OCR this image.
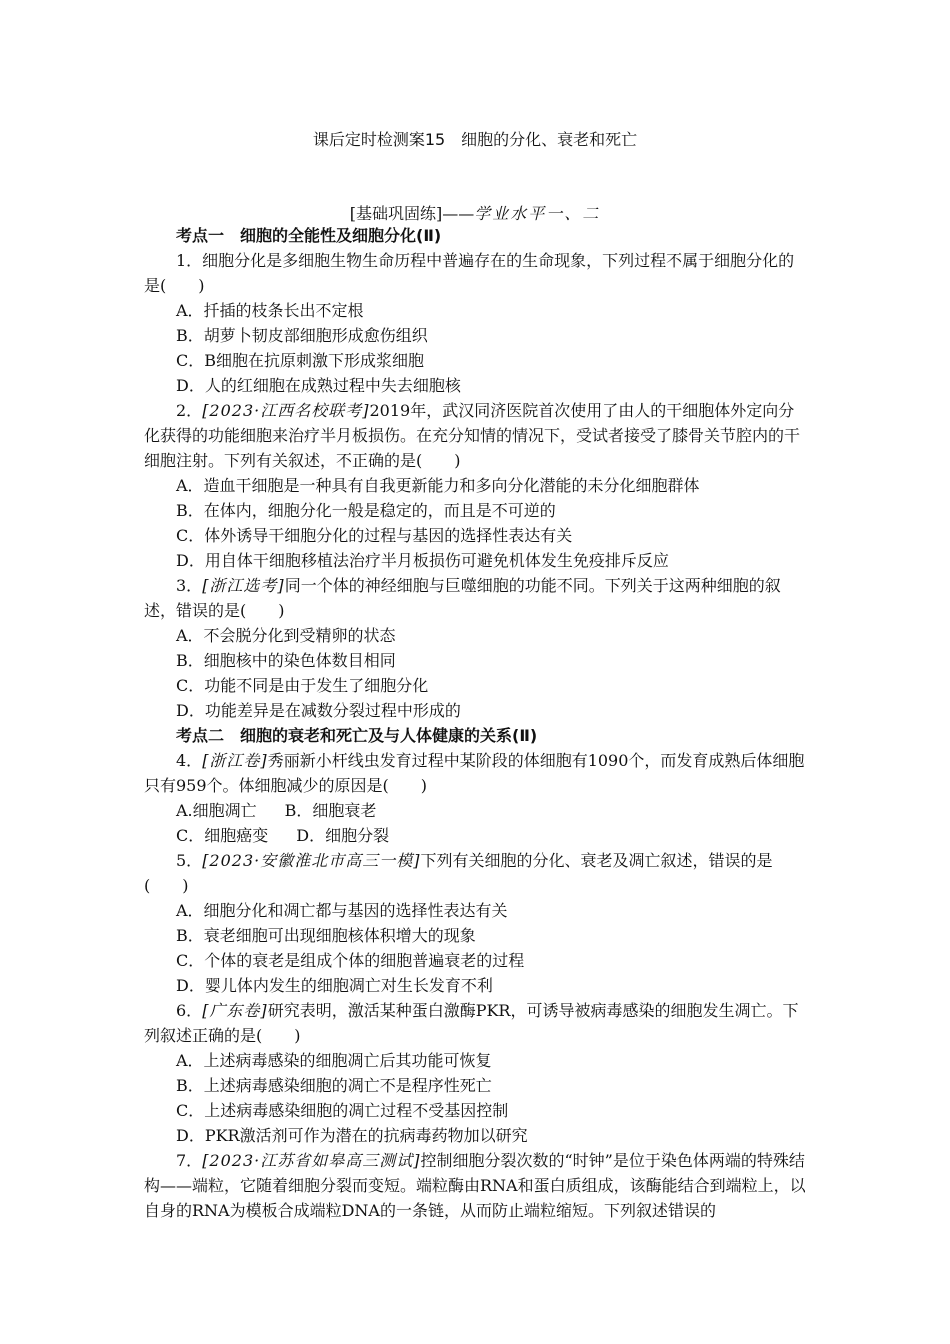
课后定时检测案15　细胞的分化、衰老和死亡
[基础巩固练]——学业水平一、二

考点一　细胞的全能性及细胞分化(Ⅱ)

1．细胞分化是多细胞生物生命历程中普遍存在的生命现象，下列过程不属于细胞分化的是(　　)

A．扦插的枝条长出不定根

B．胡萝卜韧皮部细胞形成愈伤组织

C．B细胞在抗原刺激下形成浆细胞

D．人的红细胞在成熟过程中失去细胞核

2．[2023·江西名校联考]2019年，武汉同济医院首次使用了由人的干细胞体外定向分化获得的功能细胞来治疗半月板损伤。在充分知情的情况下，受试者接受了膝骨关节腔内的干细胞注射。下列有关叙述，不正确的是(　　)

A．造血干细胞是一种具有自我更新能力和多向分化潜能的未分化细胞群体

B．在体内，细胞分化一般是稳定的，而且是不可逆的

C．体外诱导干细胞分化的过程与基因的选择性表达有关

D．用自体干细胞移植法治疗半月板损伤可避免机体发生免疫排斥反应

3．[浙江选考]同一个体的神经细胞与巨噬细胞的功能不同。下列关于这两种细胞的叙述，错误的是(　　)

A．不会脱分化到受精卵的状态

B．细胞核中的染色体数目相同

C．功能不同是由于发生了细胞分化

D．功能差异是在减数分裂过程中形成的

考点二　细胞的衰老和死亡及与人体健康的关系(Ⅱ)

4．[浙江卷]秀丽新小杆线虫发育过程中某阶段的体细胞有1090个，而发育成熟后体细胞只有959个。体细胞减少的原因是(　　)

A.细胞凋亡 B．细胞衰老

C．细胞癌变 D．细胞分裂

5．[2023·安徽淮北市高三一模]下列有关细胞的分化、衰老及凋亡叙述，错误的是(　　)

A．细胞分化和凋亡都与基因的选择性表达有关

B．衰老细胞可出现细胞核体积增大的现象

C．个体的衰老是组成个体的细胞普遍衰老的过程

D．婴儿体内发生的细胞凋亡对生长发育不利

6．[广东卷]研究表明，激活某种蛋白激酶PKR，可诱导被病毒感染的细胞发生凋亡。下列叙述正确的是(　　)

A．上述病毒感染的细胞凋亡后其功能可恢复

B．上述病毒感染细胞的凋亡不是程序性死亡

C．上述病毒感染细胞的凋亡过程不受基因控制

D．PKR激活剂可作为潜在的抗病毒药物加以研究

7．[2023·江苏省如皋高三测试]控制细胞分裂次数的“时钟”是位于染色体两端的特殊结构——端粒，它随着细胞分裂而变短。端粒酶由RNA和蛋白质组成，该酶能结合到端粒上，以自身的RNA为模板合成端粒DNA的一条链，从而防止端粒缩短。下列叙述错误的
